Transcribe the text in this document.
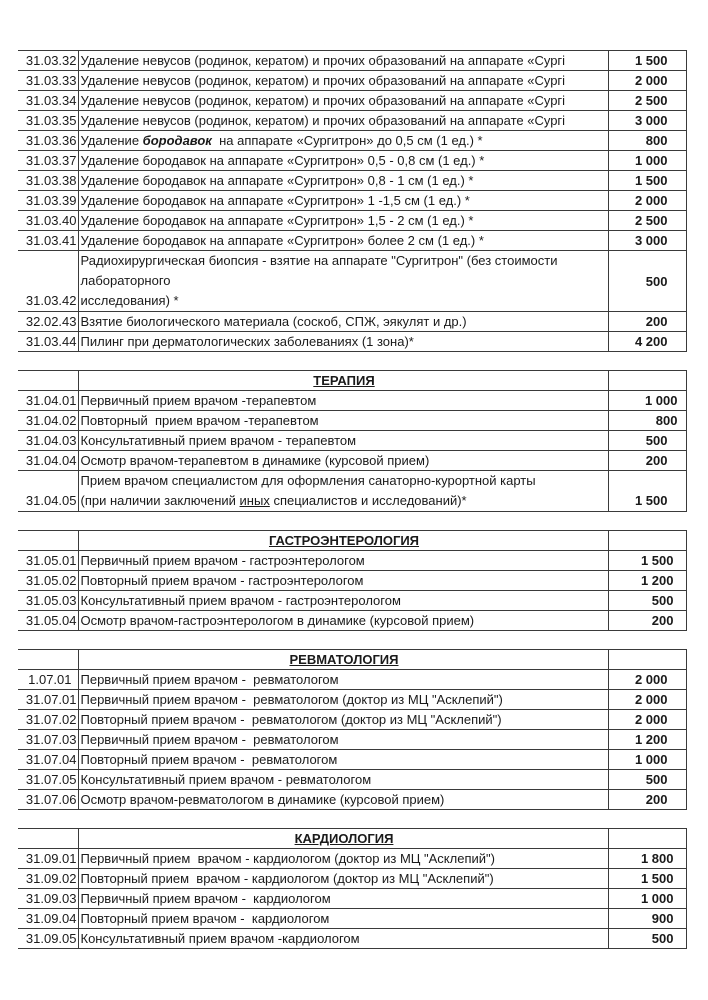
31.03.32	Удаление невусов (родинок, кератом) и прочих образований на аппарате «Сургі	1 500
31.03.33	Удаление невусов (родинок, кератом) и прочих образований на аппарате «Сургі	2 000
31.03.34	Удаление невусов (родинок, кератом) и прочих образований на аппарате «Сургі	2 500
31.03.35	Удаление невусов (родинок, кератом) и прочих образований на аппарате «Сургі	3 000
31.03.36	Удаление бородавок  на аппарате «Сургитрон» до 0,5 см (1 ед.) *	800
31.03.37	Удаление бородавок на аппарате «Сургитрон» 0,5 - 0,8 см (1 ед.) *	1 000
31.03.38	Удаление бородавок на аппарате «Сургитрон» 0,8 - 1 см (1 ед.) *	1 500
31.03.39	Удаление бородавок на аппарате «Сургитрон» 1 -1,5 см (1 ед.) *	2 000
31.03.40	Удаление бородавок на аппарате «Сургитрон» 1,5 - 2 см (1 ед.) *	2 500
31.03.41	Удаление бородавок на аппарате «Сургитрон» более 2 см (1 ед.) *	3 000
31.03.42	Радиохирургическая биопсия - взятие на аппарате "Сургитрон" (без стоимости
лабораторного
исследования) *	500
32.02.43	Взятие биологического материала (соскоб, СПЖ, эякулят и др.)	200
31.03.44	Пилинг при дерматологических заболеваниях (1 зона)*	4 200
	ТЕРАПИЯ	
31.04.01	Первичный прием врачом -терапевтом	1 000
31.04.02	Повторный  прием врачом -терапевтом	800
31.04.03	Консультативный прием врачом - терапевтом	500
31.04.04	Осмотр врачом-терапевтом в динамике (курсовой прием)	200
31.04.05	Прием врачом специалистом для оформления санаторно-курортной карты
(при наличии заключений иных специалистов и исследований)*	1 500
	ГАСТРОЭНТЕРОЛОГИЯ	
31.05.01	Первичный прием врачом - гастроэнтерологом	1 500
31.05.02	Повторный прием врачом - гастроэнтерологом	1 200
31.05.03	Консультативный прием врачом - гастроэнтерологом	500
31.05.04	Осмотр врачом-гастроэнтерологом в динамике (курсовой прием)	200
	РЕВМАТОЛОГИЯ	
1.07.01	Первичный прием врачом -  ревматологом	2 000
31.07.01	Первичный прием врачом -  ревматологом (доктор из МЦ "Асклепий")	2 000
31.07.02	Повторный прием врачом -  ревматологом (доктор из МЦ "Асклепий")	2 000
31.07.03	Первичный прием врачом -  ревматологом	1 200
31.07.04	Повторный прием врачом -  ревматологом	1 000
31.07.05	Консультативный прием врачом - ревматологом	500
31.07.06	Осмотр врачом-ревматологом в динамике (курсовой прием)	200
	КАРДИОЛОГИЯ	
31.09.01	Первичный прием  врачом - кардиологом (доктор из МЦ "Асклепий")	1 800
31.09.02	Повторный прием  врачом - кардиологом (доктор из МЦ "Асклепий")	1 500
31.09.03	Первичный прием врачом -  кардиологом	1 000
31.09.04	Повторный прием врачом -  кардиологом	900
31.09.05	Консультативный прием врачом -кардиологом	500
